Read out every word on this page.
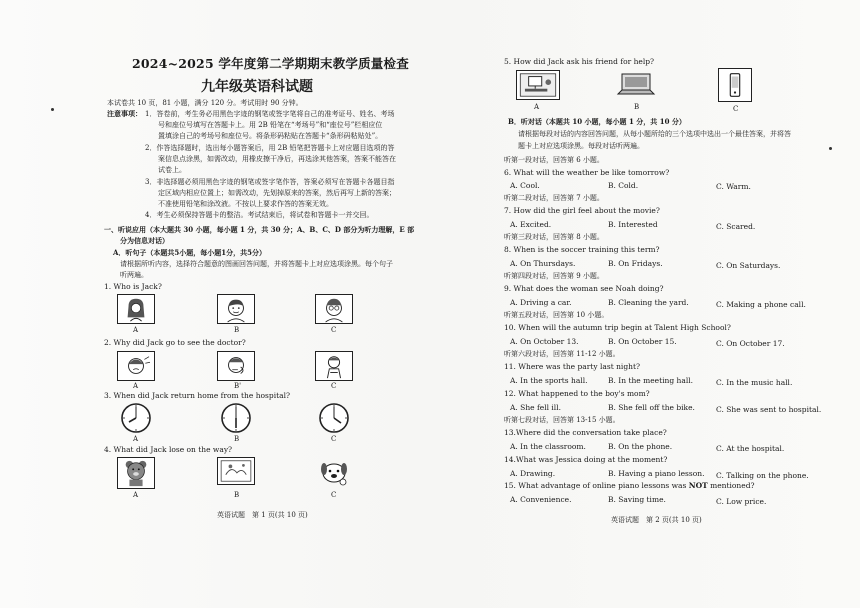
2024~2025 学年度第二学期期末教学质量检查
九年级英语科试题
本试卷共 10 页，81 小题，满分 120 分。考试用时 90 分钟。
注意事项： 1．答卷前，考生务必用黑色字迹的钢笔或签字笔将自己的准考证号、姓名、考场
号和座位号填写在答题卡上。用 2B 铅笔在“考场号”和“座位号”栏相应位
置填涂自己的考场号和座位号。将条形码粘贴在答题卡“条形码粘贴处”。
2．作答选择题时，选出每小题答案后，用 2B 铅笔把答题卡上对应题目选项的答
案信息点涂黑，如需改动，用橡皮擦干净后，再选涂其他答案，答案不能答在
试卷上。
3．非选择题必须用黑色字迹的钢笔或签字笔作答，答案必须写在答题卡各题目指
定区域内相应位置上；如需改动，先划掉原来的答案，然后再写上新的答案；
不准使用铅笔和涂改液。不按以上要求作答的答案无效。
4．考生必须保持答题卡的整洁。考试结束后，将试卷和答题卡一并交回。
一、听说应用（本大题共 30 小题，每小题 1 分，共 30 分；A、B、C、D 部分为听力理解，E 部
分为信息对话）
A．听句子（本题共5小题，每小题1分，共5分）
请根据所听内容，选择符合题意的图画回答问题，并将答题卡上对应选项涂黑。每个句子
听两遍。
1. Who is Jack?
A	B	C
2. Why did Jack go to see the doctor?
A	B'	C
3. When did Jack return home from the hospital?
A	B	C
4. What did Jack lose on the way?
A	B	C
英语试题　第 1 页(共 10 页)
5. How did Jack ask his friend for help?
A	B	C
B．听对话（本题共 10 小题，每小题 1 分，共 10 分）
请根据每段对话的内容回答问题，从每小题所给的三个选项中选出一个最佳答案，并将答
题卡上对应选项涂黑。每段对话听两遍。
听第一段对话，回答第 6 小题。
6. What will the weather be like tomorrow?
A. Cool.	B. Cold.	C. Warm.
听第二段对话，回答第 7 小题。
7. How did the girl feel about the movie?
A. Excited.	B. Interested	C. Scared.
听第三段对话，回答第 8 小题。
8. When is the soccer training this term?
A. On Thursdays.	B. On Fridays.	C. On Saturdays.
听第四段对话，回答第 9 小题。
9. What does the woman see Noah doing?
A. Driving a car.	B. Cleaning the yard.	C. Making a phone call.
听第五段对话，回答第 10 小题。
10. When will the autumn trip begin at Talent High School?
A. On October 13.	B. On October 15.	C. On October 17.
听第六段对话，回答第 11-12 小题。
11. Where was the party last night?
A. In the sports hall.	B. In the meeting hall.	C. In the music hall.
12. What happened to the boy's mom?
A. She fell ill.	B. She fell off the bike.	C. She was sent to hospital.
听第七段对话，回答第 13-15 小题。
13.Where did the conversation take place?
A. In the classroom.	B. On the phone.	C. At the hospital.
14.What was Jessica doing at the moment?
A. Drawing.	B. Having a piano lesson. C. Talking on the phone.
15. What advantage of online piano lessons was NOT mentioned?
A. Convenience.	B. Saving time.	C. Low price.
英语试题　第 2 页(共 10 页)
